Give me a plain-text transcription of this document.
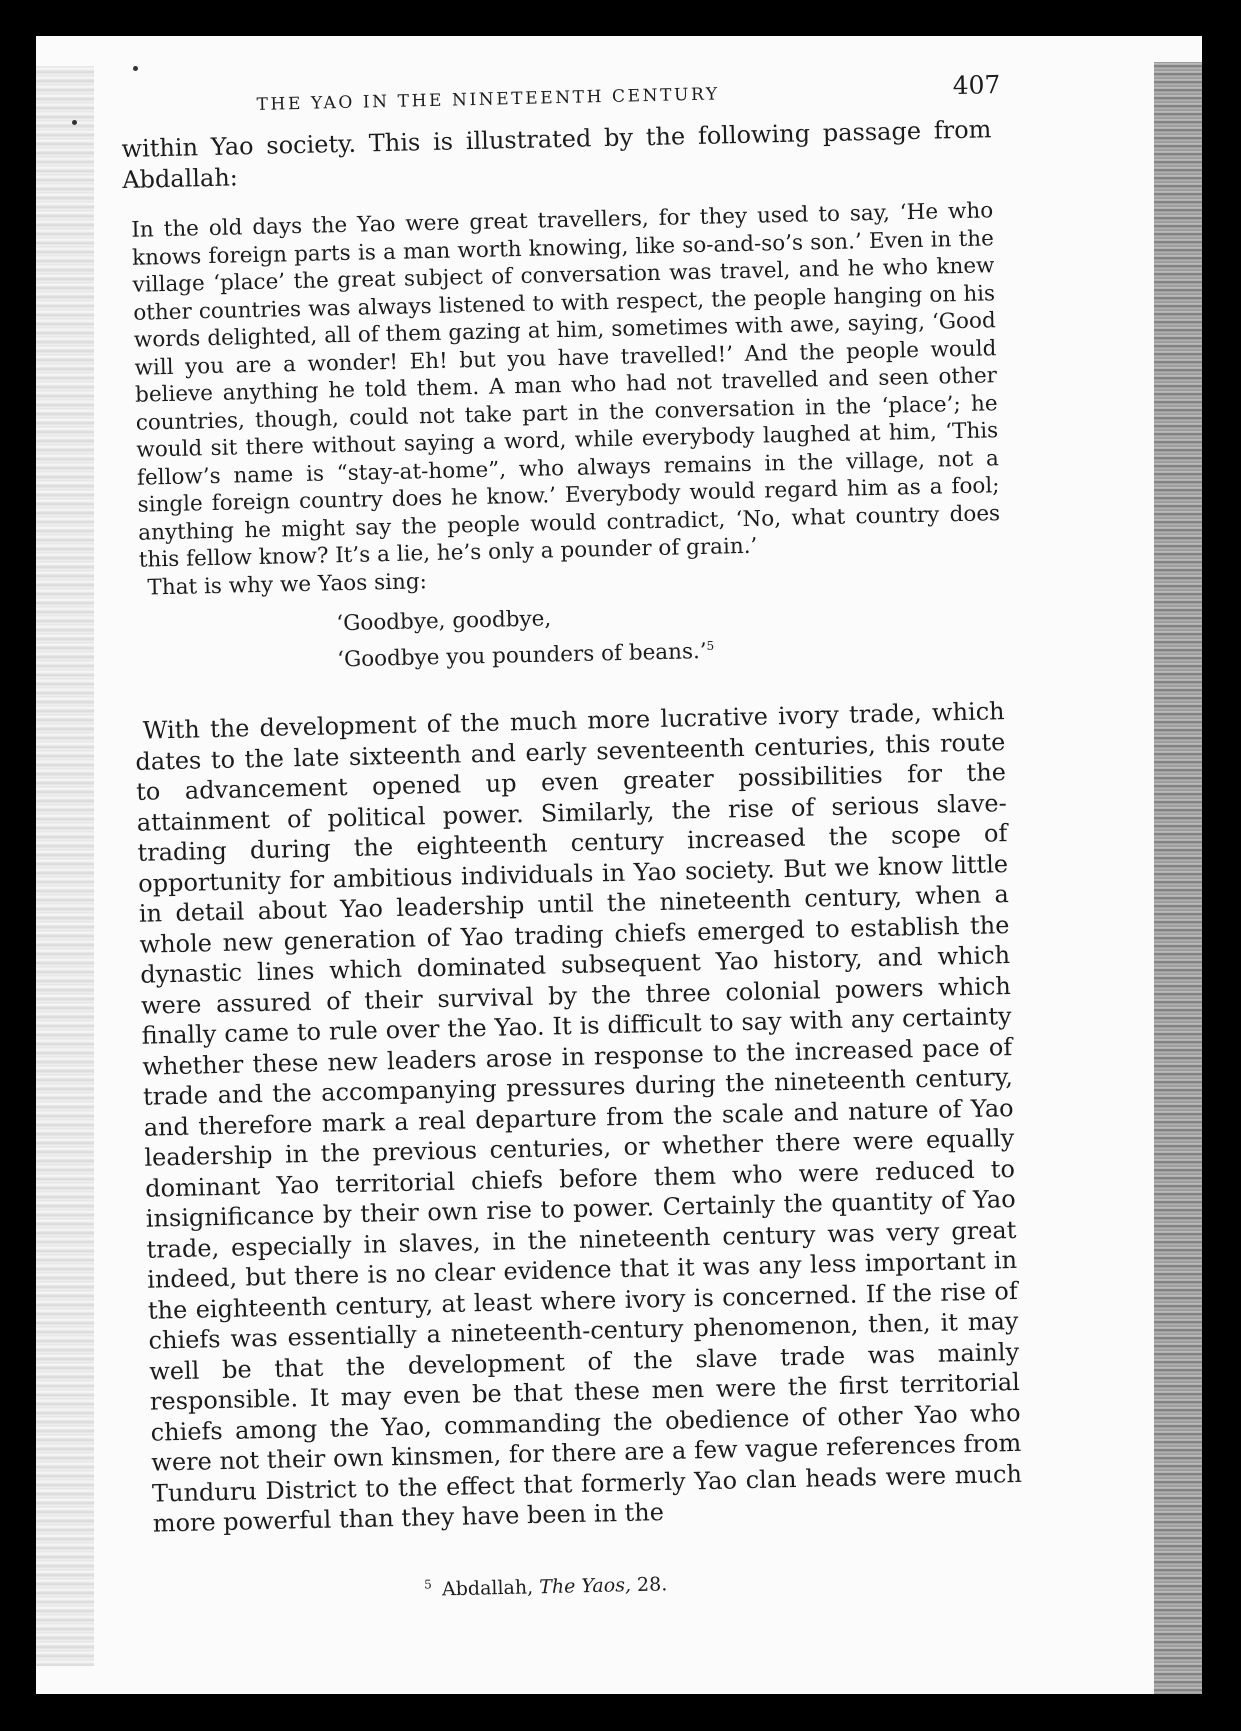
THE YAO IN THE NINETEENTH CENTURY	407

within Yao society. This is illustrated by the following passage from Abdallah:

In the old days the Yao were great travellers, for they used to say, ‘He who knows foreign parts is a man worth knowing, like so-and-so’s son.’ Even in the village ‘place’ the great subject of conversation was travel, and he who knew other countries was always listened to with respect, the people hanging on his words delighted, all of them gazing at him, sometimes with awe, saying, ‘Good will you are a wonder! Eh! but you have travelled!’ And the people would believe anything he told them. A man who had not travelled and seen other countries, though, could not take part in the conversation in the ‘place’; he would sit there without saying a word, while everybody laughed at him, ‘This fellow’s name is “stay-at-home”, who always remains in the village, not a single foreign country does he know.’ Everybody would regard him as a fool; anything he might say the people would contradict, ‘No, what country does this fellow know? It’s a lie, he’s only a pounder of grain.’

That is why we Yaos sing:

‘Goodbye, goodbye,
‘Goodbye you pounders of beans.’$^5$

With the development of the much more lucrative ivory trade, which dates to the late sixteenth and early seventeenth centuries, this route to advancement opened up even greater possibilities for the attainment of political power. Similarly, the rise of serious slave-trading during the eighteenth century increased the scope of opportunity for ambitious individuals in Yao society. But we know little in detail about Yao leadership until the nineteenth century, when a whole new generation of Yao trading chiefs emerged to establish the dynastic lines which dominated subsequent Yao history, and which were assured of their survival by the three colonial powers which finally came to rule over the Yao. It is difficult to say with any certainty whether these new leaders arose in response to the increased pace of trade and the accompanying pressures during the nineteenth century, and therefore mark a real departure from the scale and nature of Yao leadership in the previous centuries, or whether there were equally dominant Yao territorial chiefs before them who were reduced to insignificance by their own rise to power. Certainly the quantity of Yao trade, especially in slaves, in the nineteenth century was very great indeed, but there is no clear evidence that it was any less important in the eighteenth century, at least where ivory is concerned. If the rise of chiefs was essentially a nineteenth-century phenomenon, then, it may well be that the development of the slave trade was mainly responsible. It may even be that these men were the first territorial chiefs among the Yao, commanding the obedience of other Yao who were not their own kinsmen, for there are a few vague references from Tunduru District to the effect that formerly Yao clan heads were much more powerful than they have been in the

$^5$ Abdallah, The Yaos, 28.
